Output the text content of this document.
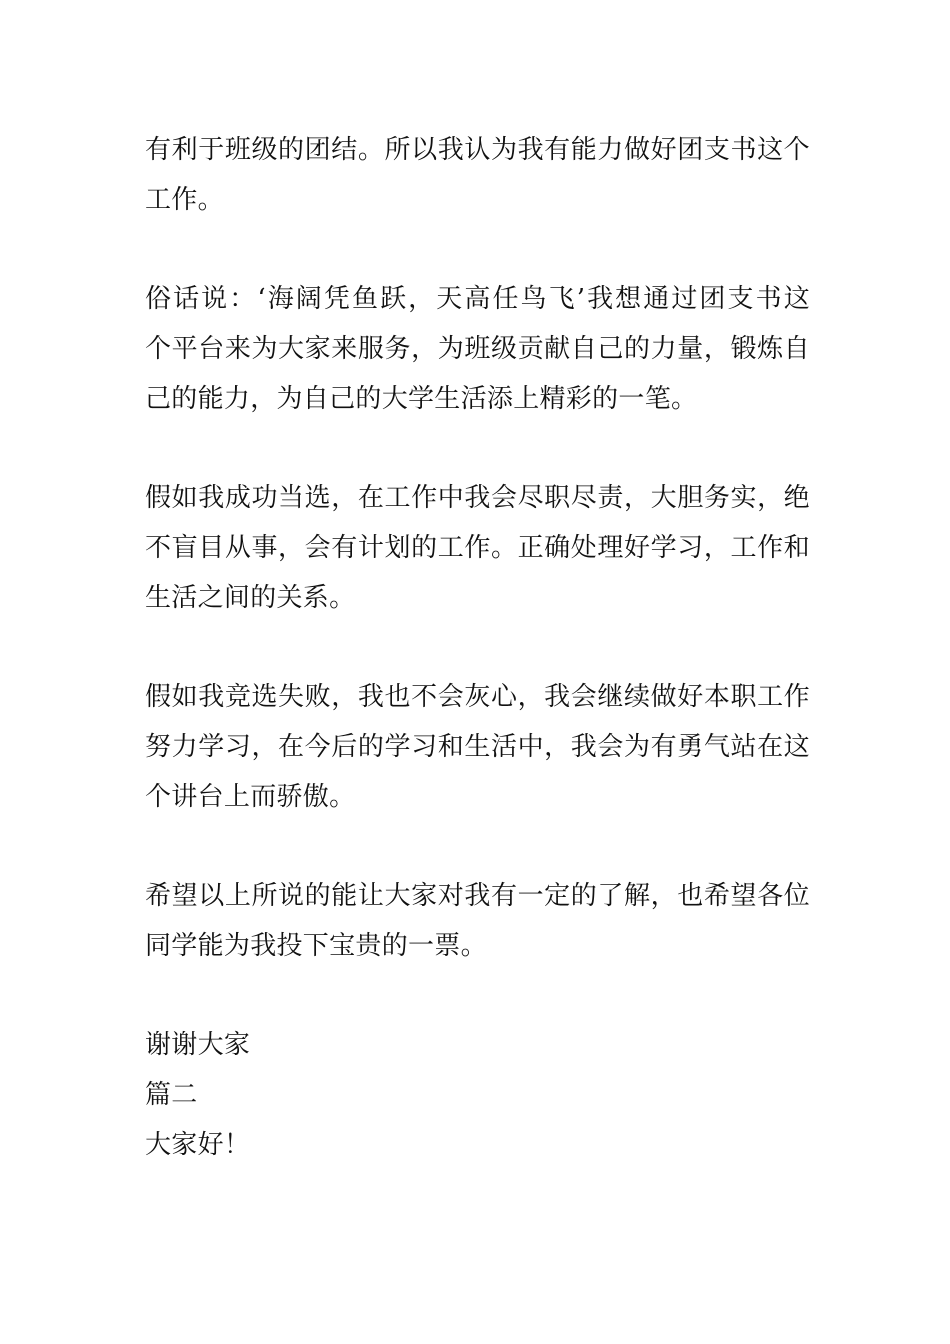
有利于班级的团结。所以我认为我有能力做好团支书这个
工作。
俗话说：‘海阔凭鱼跃，天高任鸟飞’我想通过团支书这
个平台来为大家来服务，为班级贡献自己的力量，锻炼自
己的能力，为自己的大学生活添上精彩的一笔。
假如我成功当选，在工作中我会尽职尽责，大胆务实，绝
不盲目从事，会有计划的工作。正确处理好学习，工作和
生活之间的关系。
假如我竞选失败，我也不会灰心，我会继续做好本职工作
努力学习，在今后的学习和生活中，我会为有勇气站在这
个讲台上而骄傲。
希望以上所说的能让大家对我有一定的了解，也希望各位
同学能为我投下宝贵的一票。
谢谢大家
篇二
大家好！
